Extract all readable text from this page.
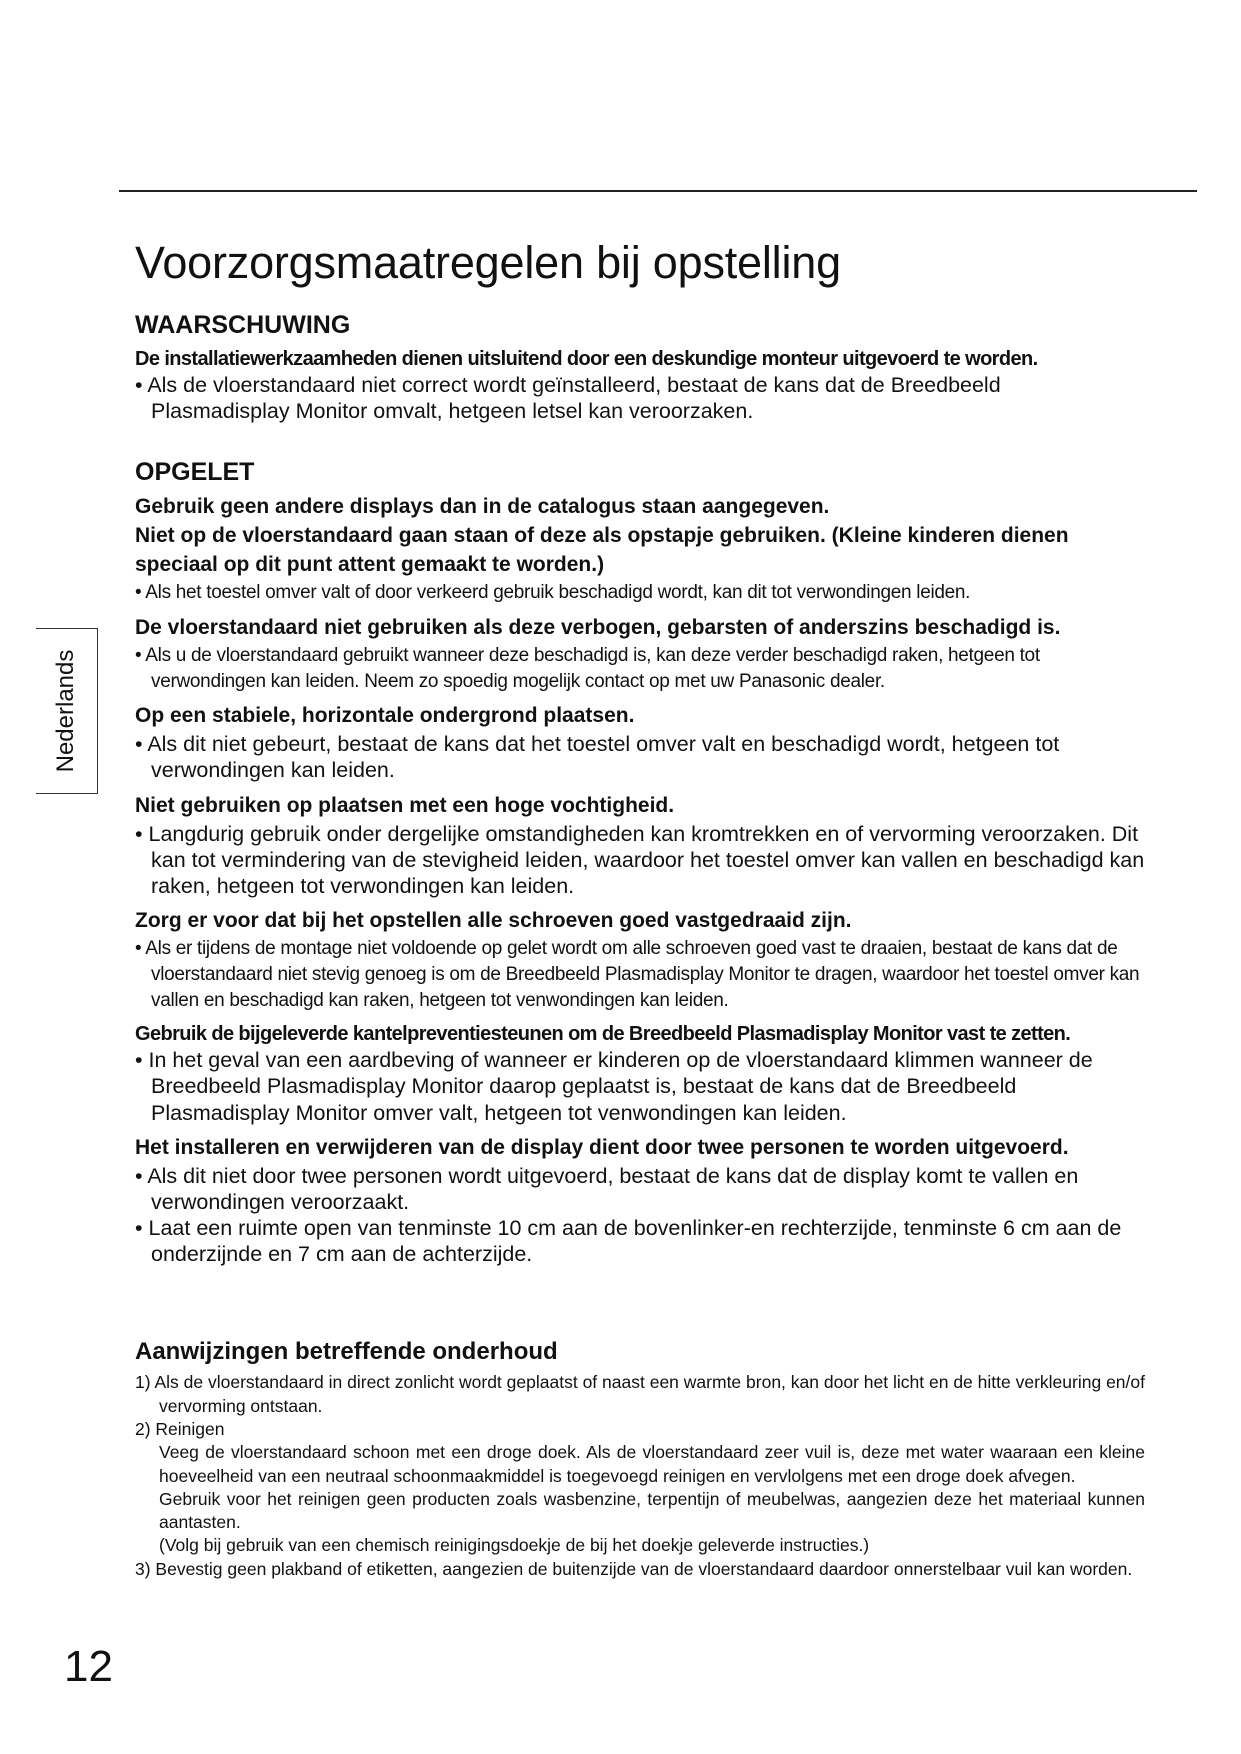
Nederlands
Voorzorgsmaatregelen bij opstelling
WAARSCHUWING

De installatiewerkzaamheden dienen uitsluitend door een deskundige monteur uitgevoerd te worden.

• Als de vloerstandaard niet correct wordt geïnstalleerd, bestaat de kans dat de Breedbeeld Plasmadisplay Monitor omvalt, hetgeen letsel kan veroorzaken.

OPGELET

Gebruik geen andere displays dan in de catalogus staan aangegeven.
Niet op de vloerstandaard gaan staan of deze als opstapje gebruiken. (Kleine kinderen dienen speciaal op dit punt attent gemaakt te worden.)

• Als het toestel omver valt of door verkeerd gebruik beschadigd wordt, kan dit tot verwondingen leiden.

De vloerstandaard niet gebruiken als deze verbogen, gebarsten of anderszins beschadigd is.

• Als u de vloerstandaard gebruikt wanneer deze beschadigd is, kan deze verder beschadigd raken, hetgeen tot verwondingen kan leiden. Neem zo spoedig mogelijk contact op met uw Panasonic dealer.

Op een stabiele, horizontale ondergrond plaatsen.

• Als dit niet gebeurt, bestaat de kans dat het toestel omver valt en beschadigd wordt, hetgeen tot verwondingen kan leiden.

Niet gebruiken op plaatsen met een hoge vochtigheid.

• Langdurig gebruik onder dergelijke omstandigheden kan kromtrekken en of vervorming veroorzaken. Dit kan tot vermindering van de stevigheid leiden, waardoor het toestel omver kan vallen en beschadigd kan raken, hetgeen tot verwondingen kan leiden.

Zorg er voor dat bij het opstellen alle schroeven goed vastgedraaid zijn.

• Als er tijdens de montage niet voldoende op gelet wordt om alle schroeven goed vast te draaien, bestaat de kans dat de vloerstandaard niet stevig genoeg is om de Breedbeeld Plasmadisplay Monitor te dragen, waardoor het toestel omver kan vallen en beschadigd kan raken, hetgeen tot venwondingen kan leiden.

Gebruik de bijgeleverde kantelpreventiesteunen om de Breedbeeld Plasmadisplay Monitor vast te zetten.

• In het geval van een aardbeving of wanneer er kinderen op de vloerstandaard klimmen wanneer de Breedbeeld Plasmadisplay Monitor daarop geplaatst is, bestaat de kans dat de Breedbeeld Plasmadisplay Monitor omver valt, hetgeen tot venwondingen kan leiden.

Het installeren en verwijderen van de display dient door twee personen te worden uitgevoerd.

• Als dit niet door twee personen wordt uitgevoerd, bestaat de kans dat de display komt te vallen en verwondingen veroorzaakt.

• Laat een ruimte open van tenminste 10 cm aan de bovenlinker-en rechterzijde, tenminste 6 cm aan de onderzijnde en 7 cm aan de achterzijde.

Aanwijzingen betreffende onderhoud

1) Als de vloerstandaard in direct zonlicht wordt geplaatst of naast een warmte bron, kan door het licht en de hitte verkleuring en/of vervorming ontstaan.
2) Reinigen
Veeg de vloerstandaard schoon met een droge doek. Als de vloerstandaard zeer vuil is, deze met water waaraan een kleine hoeveelheid van een neutraal schoonmaakmiddel is toegevoegd reinigen en vervlolgens met een droge doek afvegen.
Gebruik voor het reinigen geen producten zoals wasbenzine, terpentijn of meubelwas, aangezien deze het materiaal kunnen aantasten.
(Volg bij gebruik van een chemisch reinigingsdoekje de bij het doekje geleverde instructies.)
3) Bevestig geen plakband of etiketten, aangezien de buitenzijde van de vloerstandaard daardoor onnerstelbaar vuil kan worden.

12
